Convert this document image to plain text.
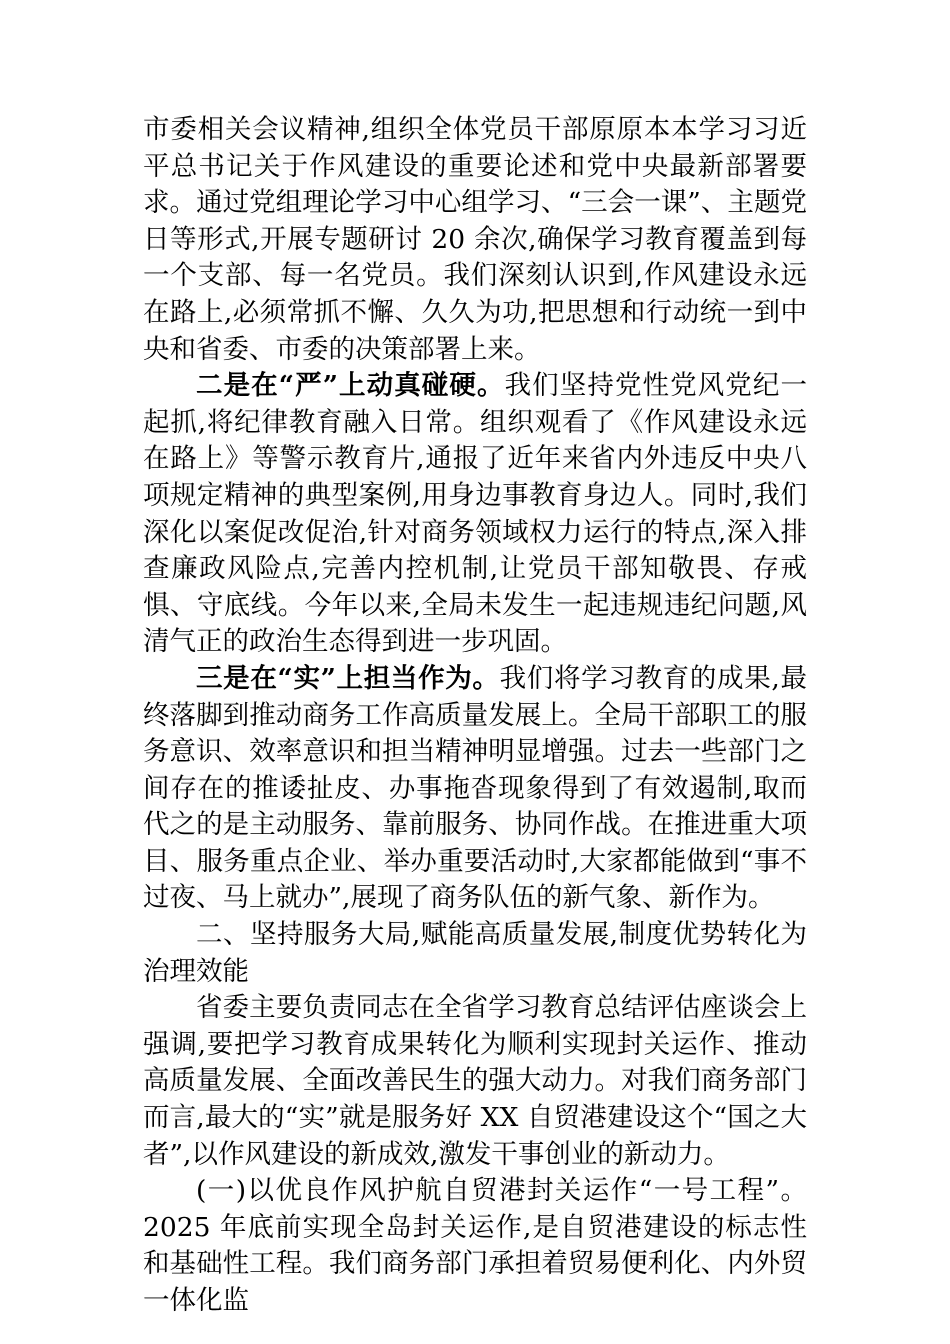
市委相关会议精神,组织全体党员干部原原本本学习习近平总书记关于作风建设的重要论述和党中央最新部署要求。通过党组理论学习中心组学习、“三会一课”、主题党日等形式,开展专题研讨 20 余次,确保学习教育覆盖到每一个支部、每一名党员。我们深刻认识到,作风建设永远在路上,必须常抓不懈、久久为功,把思想和行动统一到中央和省委、市委的决策部署上来。

二是在“严”上动真碰硬。我们坚持党性党风党纪一起抓,将纪律教育融入日常。组织观看了《作风建设永远在路上》等警示教育片,通报了近年来省内外违反中央八项规定精神的典型案例,用身边事教育身边人。同时,我们深化以案促改促治,针对商务领域权力运行的特点,深入排查廉政风险点,完善内控机制,让党员干部知敬畏、存戒惧、守底线。今年以来,全局未发生一起违规违纪问题,风清气正的政治生态得到进一步巩固。

三是在“实”上担当作为。我们将学习教育的成果,最终落脚到推动商务工作高质量发展上。全局干部职工的服务意识、效率意识和担当精神明显增强。过去一些部门之间存在的推诿扯皮、办事拖沓现象得到了有效遏制,取而代之的是主动服务、靠前服务、协同作战。在推进重大项目、服务重点企业、举办重要活动时,大家都能做到“事不过夜、马上就办”,展现了商务队伍的新气象、新作为。

二、坚持服务大局,赋能高质量发展,制度优势转化为治理效能

省委主要负责同志在全省学习教育总结评估座谈会上强调,要把学习教育成果转化为顺利实现封关运作、推动高质量发展、全面改善民生的强大动力。对我们商务部门而言,最大的“实”就是服务好 XX 自贸港建设这个“国之大者”,以作风建设的新成效,激发干事创业的新动力。

(一)以优良作风护航自贸港封关运作“一号工程”。2025 年底前实现全岛封关运作,是自贸港建设的标志性和基础性工程。我们商务部门承担着贸易便利化、内外贸一体化监
